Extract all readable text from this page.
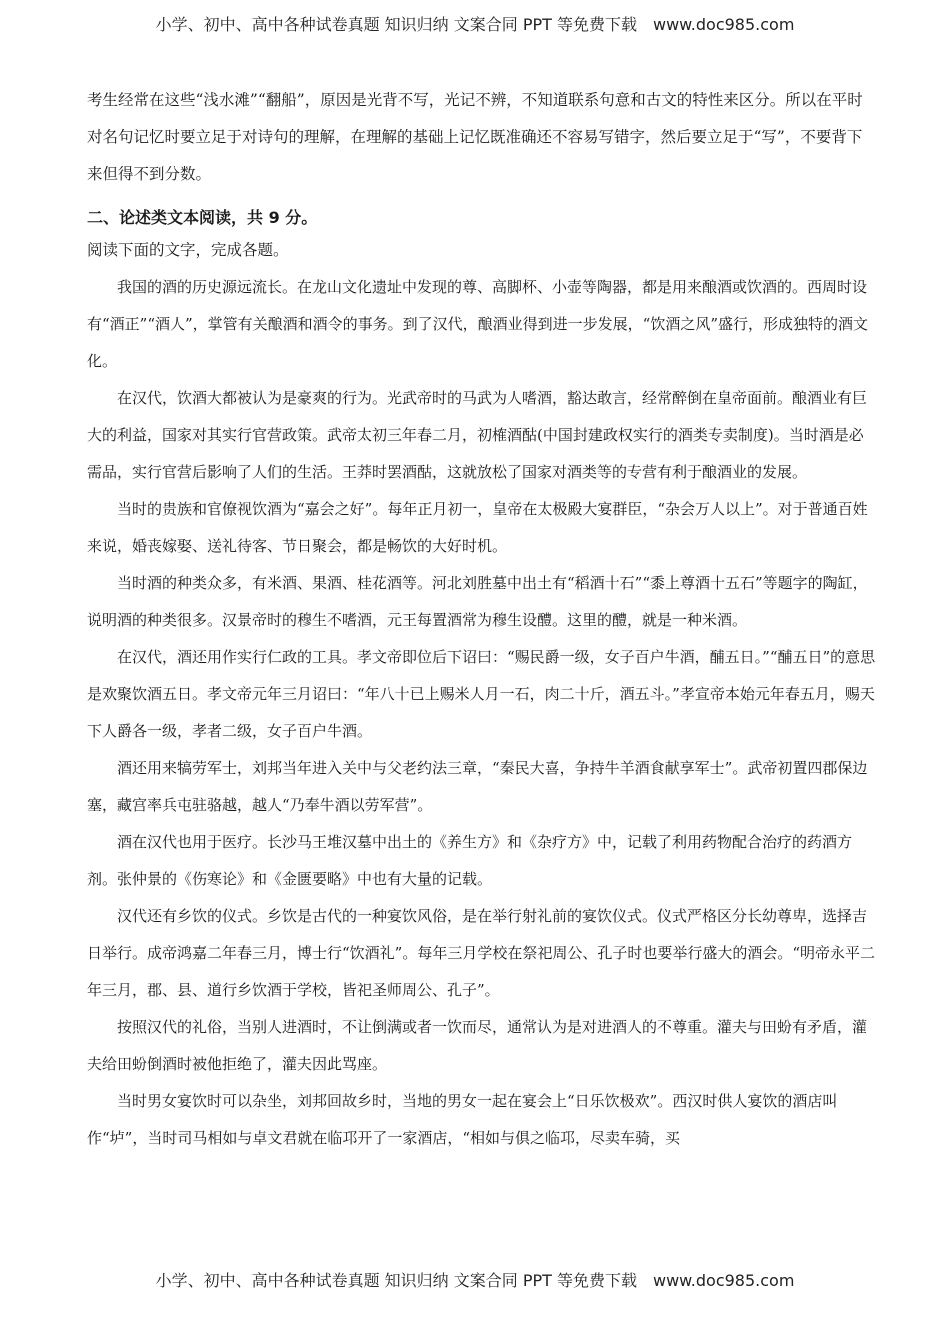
小学、初中、高中各种试卷真题 知识归纳 文案合同 PPT 等免费下载　www.doc985.com

考生经常在这些“浅水滩”“翻船”，原因是光背不写，光记不辨，不知道联系句意和古文的特性来区分。所以在平时对名句记忆时要立足于对诗句的理解，在理解的基础上记忆既准确还不容易写错字，然后要立足于“写”，不要背下来但得不到分数。

二、论述类文本阅读，共 9 分。

阅读下面的文字，完成各题。

我国的酒的历史源远流长。在龙山文化遗址中发现的尊、高脚杯、小壶等陶器，都是用来酿酒或饮酒的。西周时设有“酒正”“酒人”，掌管有关酿酒和酒令的事务。到了汉代，酿酒业得到进一步发展，“饮酒之风”盛行，形成独特的酒文化。

在汉代，饮酒大都被认为是豪爽的行为。光武帝时的马武为人嗜酒，豁达敢言，经常醉倒在皇帝面前。酿酒业有巨大的利益，国家对其实行官营政策。武帝太初三年春二月，初榷酒酤(中国封建政权实行的酒类专卖制度)。当时酒是必需品，实行官营后影响了人们的生活。王莽时罢酒酤，这就放松了国家对酒类等的专营有利于酿酒业的发展。

当时的贵族和官僚视饮酒为“嘉会之好”。每年正月初一，皇帝在太极殿大宴群臣，“杂会万人以上”。对于普通百姓来说，婚丧嫁娶、送礼待客、节日聚会，都是畅饮的大好时机。

当时酒的种类众多，有米酒、果酒、桂花酒等。河北刘胜墓中出土有“稻酒十石”“黍上尊酒十五石”等题字的陶缸，说明酒的种类很多。汉景帝时的穆生不嗜酒，元王每置酒常为穆生设醴。这里的醴，就是一种米酒。

在汉代，酒还用作实行仁政的工具。孝文帝即位后下诏曰：“赐民爵一级，女子百户牛酒，酺五日。”“酺五日”的意思是欢聚饮酒五日。孝文帝元年三月诏曰：“年八十已上赐米人月一石，肉二十斤，酒五斗。”孝宣帝本始元年春五月，赐天下人爵各一级，孝者二级，女子百户牛酒。

酒还用来犒劳军士，刘邦当年进入关中与父老约法三章，“秦民大喜，争持牛羊酒食献享军士”。武帝初置四郡保边塞，藏宫率兵屯驻骆越，越人“乃奉牛酒以劳军营”。

酒在汉代也用于医疗。长沙马王堆汉墓中出土的《养生方》和《杂疗方》中，记载了利用药物配合治疗的药酒方剂。张仲景的《伤寒论》和《金匮要略》中也有大量的记载。

汉代还有乡饮的仪式。乡饮是古代的一种宴饮风俗，是在举行射礼前的宴饮仪式。仪式严格区分长幼尊卑，选择吉日举行。成帝鸿嘉二年春三月，博士行“饮酒礼”。每年三月学校在祭祀周公、孔子时也要举行盛大的酒会。“明帝永平二年三月，郡、县、道行乡饮酒于学校，皆祀圣师周公、孔子”。

按照汉代的礼俗，当别人进酒时，不让倒满或者一饮而尽，通常认为是对进酒人的不尊重。灌夫与田蚡有矛盾，灌夫给田蚡倒酒时被他拒绝了，灌夫因此骂座。

当时男女宴饮时可以杂坐，刘邦回故乡时，当地的男女一起在宴会上“日乐饮极欢”。西汉时供人宴饮的酒店叫作“垆”，当时司马相如与卓文君就在临邛开了一家酒店，“相如与俱之临邛，尽卖车骑，买

小学、初中、高中各种试卷真题 知识归纳 文案合同 PPT 等免费下载　www.doc985.com
